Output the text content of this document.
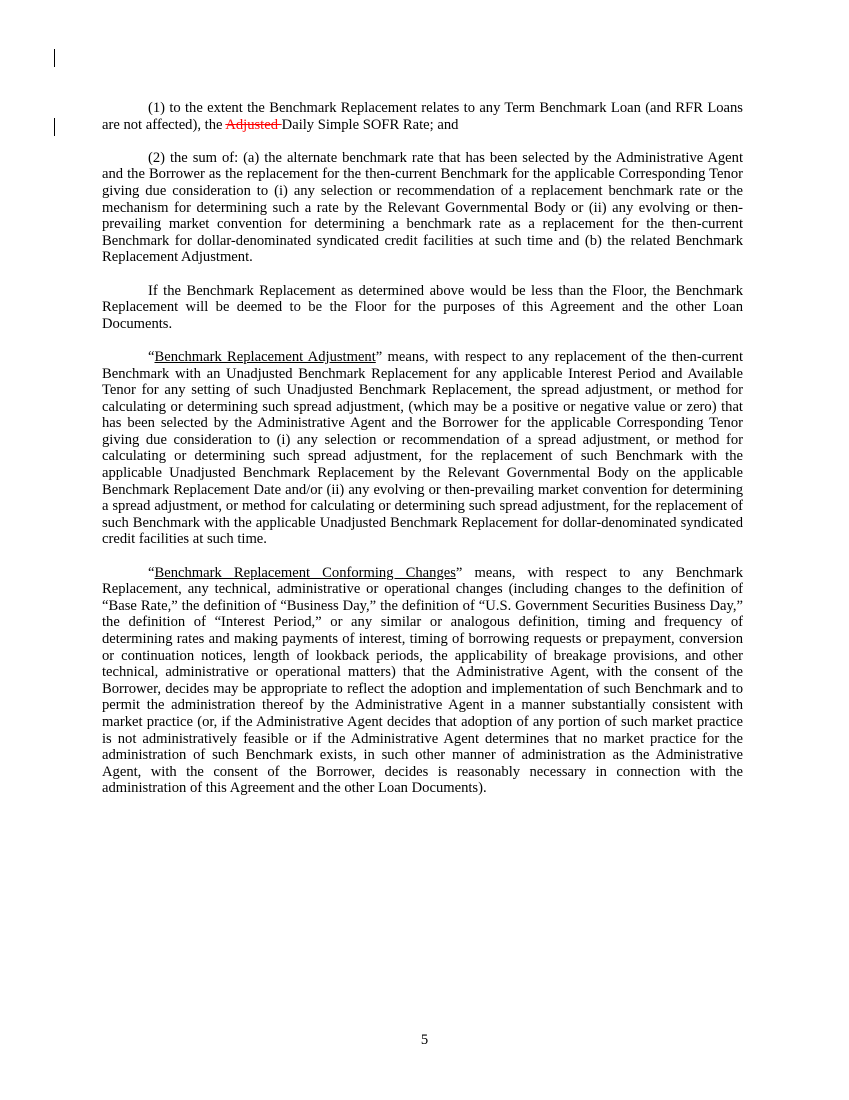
(1) to the extent the Benchmark Replacement relates to any Term Benchmark Loan (and RFR Loans are not affected), the Adjusted Daily Simple SOFR Rate; and

(2) the sum of: (a) the alternate benchmark rate that has been selected by the Administrative Agent and the Borrower as the replacement for the then-current Benchmark for the applicable Corresponding Tenor giving due consideration to (i) any selection or recommendation of a replacement benchmark rate or the mechanism for determining such a rate by the Relevant Governmental Body or (ii) any evolving or then-prevailing market convention for determining a benchmark rate as a replacement for the then-current Benchmark for dollar-denominated syndicated credit facilities at such time and (b) the related Benchmark Replacement Adjustment.

If the Benchmark Replacement as determined above would be less than the Floor, the Benchmark Replacement will be deemed to be the Floor for the purposes of this Agreement and the other Loan Documents.

“Benchmark Replacement Adjustment” means, with respect to any replacement of the then-current Benchmark with an Unadjusted Benchmark Replacement for any applicable Interest Period and Available Tenor for any setting of such Unadjusted Benchmark Replacement, the spread adjustment, or method for calculating or determining such spread adjustment, (which may be a positive or negative value or zero) that has been selected by the Administrative Agent and the Borrower for the applicable Corresponding Tenor giving due consideration to (i) any selection or recommendation of a spread adjustment, or method for calculating or determining such spread adjustment, for the replacement of such Benchmark with the applicable Unadjusted Benchmark Replacement by the Relevant Governmental Body on the applicable Benchmark Replacement Date and/or (ii) any evolving or then-prevailing market convention for determining a spread adjustment, or method for calculating or determining such spread adjustment, for the replacement of such Benchmark with the applicable Unadjusted Benchmark Replacement for dollar-denominated syndicated credit facilities at such time.

“Benchmark Replacement Conforming Changes” means, with respect to any Benchmark Replacement, any technical, administrative or operational changes (including changes to the definition of “Base Rate,” the definition of “Business Day,” the definition of “U.S. Government Securities Business Day,” the definition of “Interest Period,” or any similar or analogous definition, timing and frequency of determining rates and making payments of interest, timing of borrowing requests or prepayment, conversion or continuation notices, length of lookback periods, the applicability of breakage provisions, and other technical, administrative or operational matters) that the Administrative Agent, with the consent of the Borrower, decides may be appropriate to reflect the adoption and implementation of such Benchmark and to permit the administration thereof by the Administrative Agent in a manner substantially consistent with market practice (or, if the Administrative Agent decides that adoption of any portion of such market practice is not administratively feasible or if the Administrative Agent determines that no market practice for the administration of such Benchmark exists, in such other manner of administration as the Administrative Agent, with the consent of the Borrower, decides is reasonably necessary in connection with the administration of this Agreement and the other Loan Documents).

5
